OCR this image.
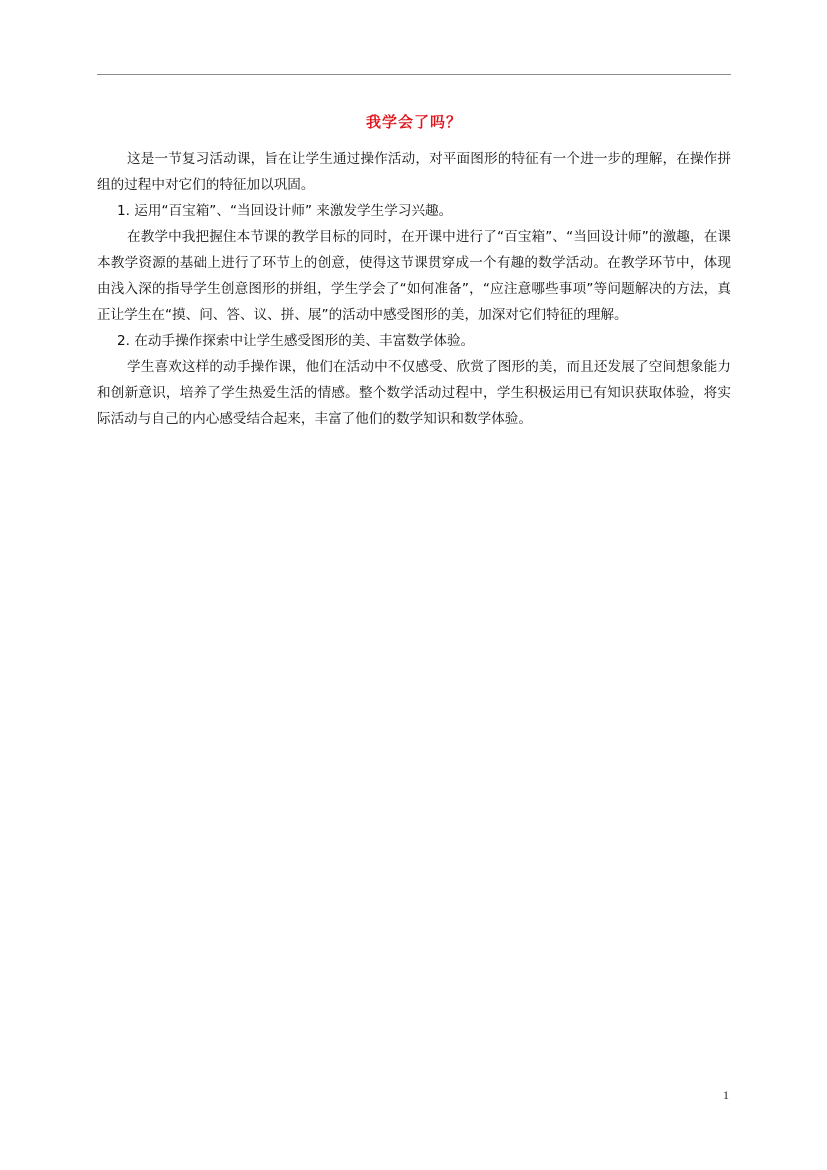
我学会了吗？

这是一节复习活动课，旨在让学生通过操作活动，对平面图形的特征有一个进一步的理解，在操作拼组的过程中对它们的特征加以巩固。

1. 运用“百宝箱”、“当回设计师” 来激发学生学习兴趣。

在教学中我把握住本节课的教学目标的同时，在开课中进行了“百宝箱”、“当回设计师”的激趣，在课本教学资源的基础上进行了环节上的创意，使得这节课贯穿成一个有趣的数学活动。在教学环节中，体现由浅入深的指导学生创意图形的拼组，学生学会了“如何准备”，“应注意哪些事项”等问题解决的方法，真正让学生在“摸、问、答、议、拼、展”的活动中感受图形的美，加深对它们特征的理解。

2. 在动手操作探索中让学生感受图形的美、丰富数学体验。

学生喜欢这样的动手操作课，他们在活动中不仅感受、欣赏了图形的美，而且还发展了空间想象能力和创新意识，培养了学生热爱生活的情感。整个数学活动过程中，学生积极运用已有知识获取体验，将实际活动与自己的内心感受结合起来，丰富了他们的数学知识和数学体验。

1
